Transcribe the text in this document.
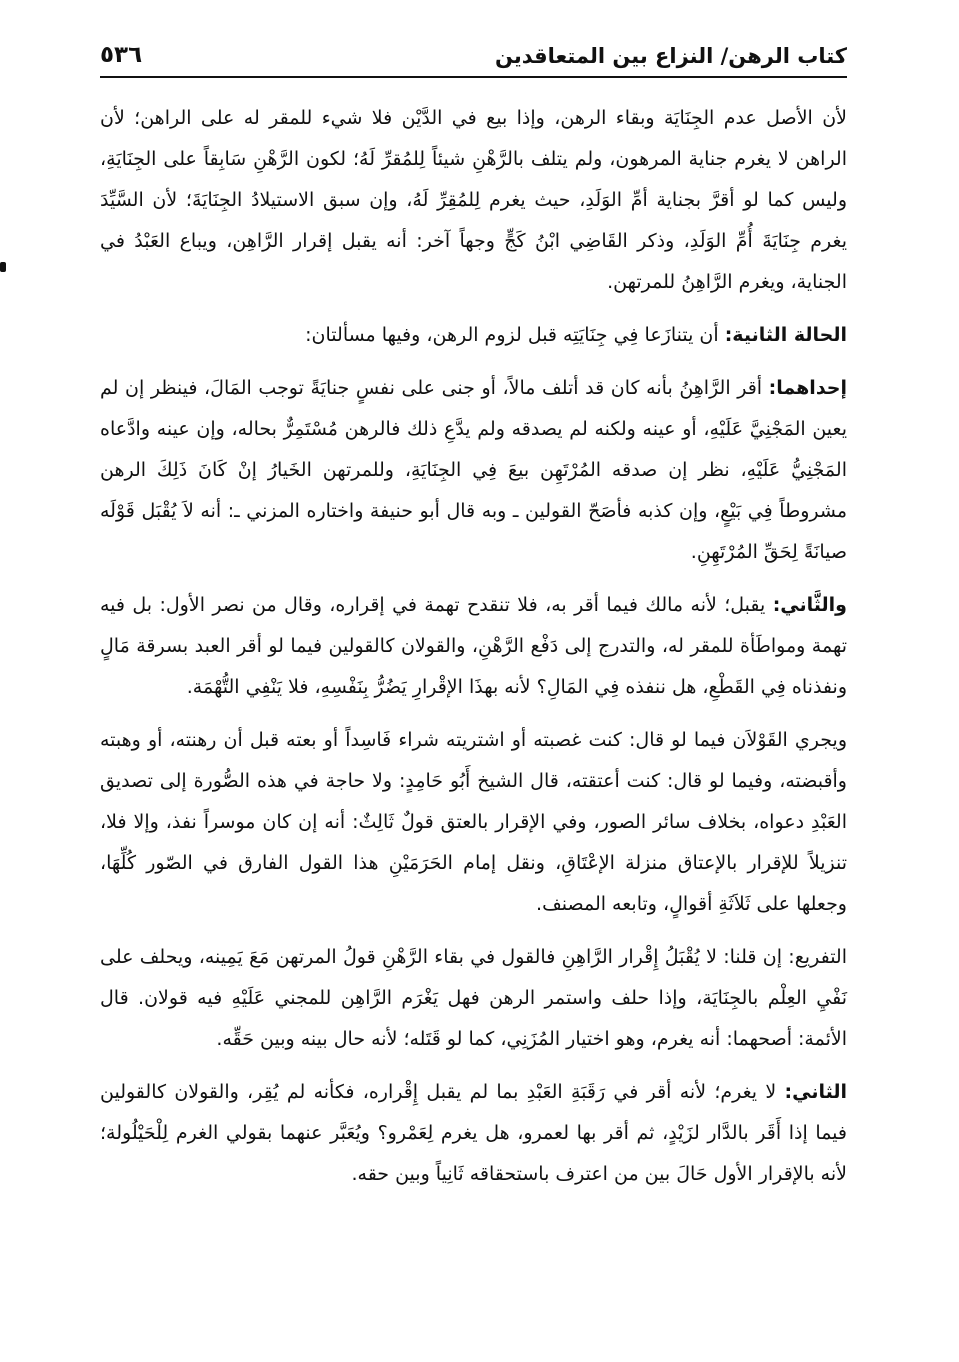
كتاب الرهن/ النزاع بين المتعاقدين
٥٣٦

لأن الأصل عدم الجِنَايَة وبقاء الرهن، وإذا بيع في الدَّيْن فلا شيء للمقر له على الراهن؛ لأن الراهن لا يغرم جناية المرهون، ولم يتلف بالرَّهْنِ شيئاً لِلمُقرِّ لَهُ؛ لكون الرَّهْنِ سَابِقاً على الجِنَايَةِ، وليس كما لو أقرَّ بجناية أمِّ الوَلَدِ، حيث يغرم لِلمُقِرِّ لَهُ، وإن سبق الاستيلادُ الجِنَايَةَ؛ لأن السَّيِّدَ يغرم جِنَايَةَ أُمِّ الوَلَدِ، وذكر القَاضِي ابْنُ كَجٍّ وجهاً آخر: أنه يقبل إقرار الرَّاهِن، ويباع العَبْدُ في الجناية، ويغرم الرَّاهِنُ للمرتهن.

الحالة الثانية: أن يتنازَعا فِي جِنَايَتِه قبل لزوم الرهن، وفيها مسألتان:

إحداهما: أقر الرَّاهِنُ بأنه كان قد أتلف مالاً، أو جنى على نفسٍ جنايَةً توجب المَالَ، فينظر إن لم يعين المَجْنِيَّ عَلَيْهِ، أو عينه ولكنه لم يصدقه ولم يدَّعِ ذلك فالرهن مُسْتَمِرٌّ بحاله، وإن عينه وادَّعاه المَجْنِيُّ عَلَيْهِ، نظر إن صدقه المُرْتَهِن بيعَ فِي الجِنَايَةِ، وللمرتهن الخَيارُ إنْ كَانَ ذَلِكَ الرهن مشروطاً فِي بَيْعٍ، وإن كذبه فأصَحّ القولين ـ وبه قال أبو حنيفة واختاره المزني ـ: أنه لاَ يُقْبَل قَوْلَه صيانَةً لِحَقِّ المُرْتَهِنِ.

والثَّاني: يقبل؛ لأنه مالك فيما أقر به، فلا تنقدح تهمة في إقراره، وقال من نصر الأول: بل فيه تهمة ومواطَأة للمقر له، والتدرج إلى دَفْع الرَّهْنِ، والقولان كالقولين فيما لو أقر العبد بسرقة مَالٍ ونفذناه فِي القَطْعِ، هل ننفذه فِي المَالِ؟ لأنه بهذَا الإقْرارِ يَضُرُّ بِنَفْسِهِ، فلا يَنْفِي التُّهْمَة.

ويجري القَوْلاَن فيما لو قال: كنت غصبته أو اشتريته شراء فَاسِداً أو بعته قبل أن رهنته، أو وهبته وأقبضته، وفيما لو قال: كنت أعتقته، قال الشيخ أَبُو حَامِدٍ: ولا حاجة في هذه الصُّورة إلى تصديق العَبْدِ دعواه، بخلاف سائر الصور، وفي الإقرار بالعتق قولٌ ثَالِثٌ: أنه إن كان موسراً نفذ، وإلا فلا، تنزيلاً للإقرار بالإعتاق منزلة الإعْتَاقِ، ونقل إمام الحَرَمَيْنِ هذا القول الفارق في الصّور كُلِّهَا، وجعلها على ثَلاَثَةِ أقوالٍ، وتابعه المصنف.

التفريع: إن قلنا: لا يُقْبَلُ إِقْرار الرَّاهِنِ فالقول في بقاء الرَّهْنِ قولُ المرتهن مَعَ يَمِينه، ويحلف على نَفْيِ العِلْم بالجِنَايَة، وإذا حلف واستمر الرهن فهل يَغْرَم الرَّاهِن للمجني عَلَيْهِ فيه قولان. قال الأئمة: أصحهما: أنه يغرم، وهو اختيار المُزَنِي، كما لو قَتَله؛ لأنه حال بينه وبين حَقِّه.

الثاني: لا يغرم؛ لأنه أقر في رَقَبَةِ العَبْدِ بما لم يقبل إِقْراره، فكأنه لم يُقِر، والقولان كالقولين فيما إذا أَقَر بالدَّار لزَيْدٍ، ثم أقر بها لعمرو، هل يغرم لِعَمْرو؟ ويُعَبَّر عنهما بقولي الغرم لِلْحَيْلُولة؛ لأنه بالإقرار الأول حَالَ بين من اعترف باستحقاقه ثَانِياً وبين حقه.
